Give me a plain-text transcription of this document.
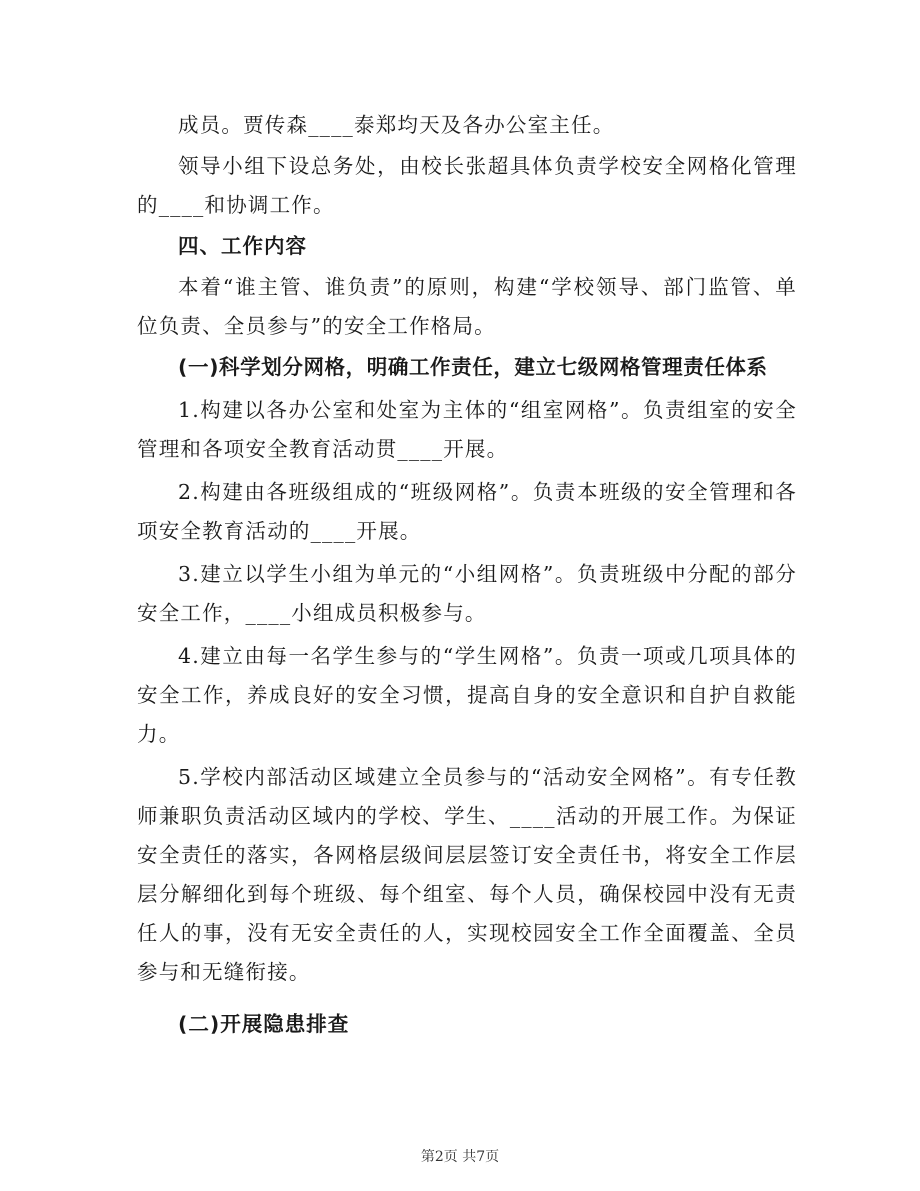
成员。贾传森____泰郑均天及各办公室主任。

领导小组下设总务处，由校长张超具体负责学校安全网格化管理的____和协调工作。

四、工作内容

本着“谁主管、谁负责”的原则，构建“学校领导、部门监管、单位负责、全员参与”的安全工作格局。

(一)科学划分网格，明确工作责任，建立七级网格管理责任体系

1.构建以各办公室和处室为主体的“组室网格”。负责组室的安全管理和各项安全教育活动贯____开展。

2.构建由各班级组成的“班级网格”。负责本班级的安全管理和各项安全教育活动的____开展。

3.建立以学生小组为单元的“小组网格”。负责班级中分配的部分安全工作，____小组成员积极参与。

4.建立由每一名学生参与的“学生网格”。负责一项或几项具体的安全工作，养成良好的安全习惯，提高自身的安全意识和自护自救能力。

5.学校内部活动区域建立全员参与的“活动安全网格”。有专任教师兼职负责活动区域内的学校、学生、____活动的开展工作。为保证安全责任的落实，各网格层级间层层签订安全责任书，将安全工作层层分解细化到每个班级、每个组室、每个人员，确保校园中没有无责任人的事，没有无安全责任的人，实现校园安全工作全面覆盖、全员参与和无缝衔接。

(二)开展隐患排查

第2页 共7页
